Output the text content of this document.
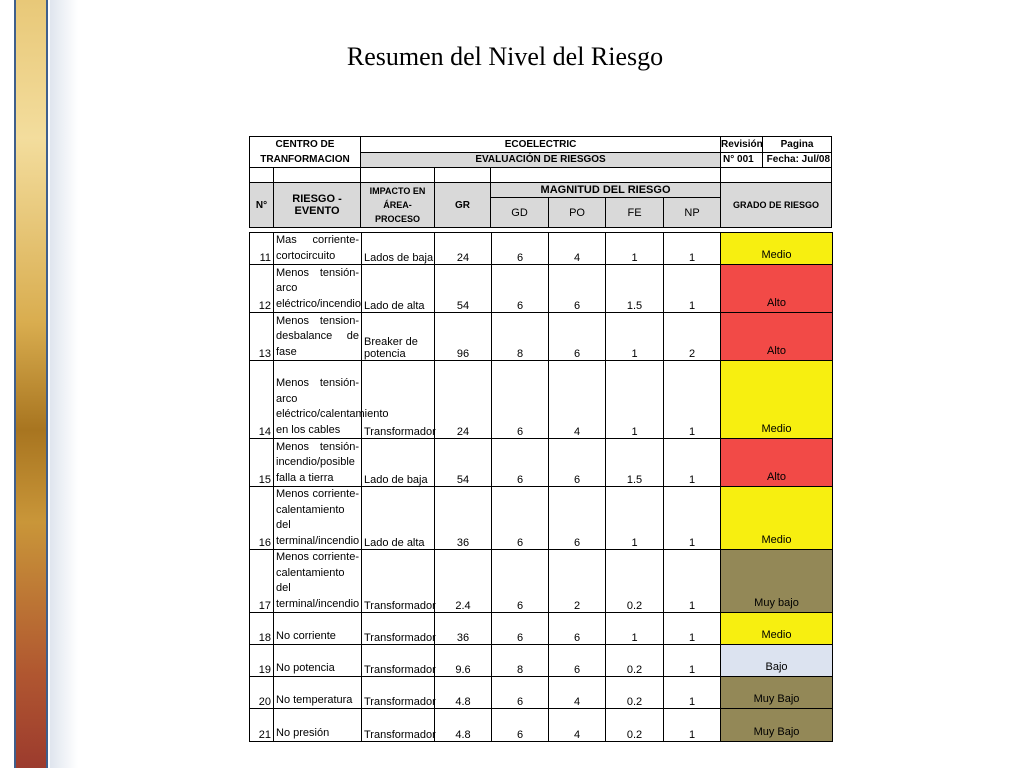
Resumen del Nivel del Riesgo
CENTRO DE TRANFORMACION		ECOELECTRIC						Revisión	Pagina
		EVALUACIÓN DE RIESGOS						N° 001	Fecha: Jul/08

N°	RIESGO - EVENTO	IMPACTO EN ÁREA- PROCESO	GR	MAGNITUD DEL RIESGO				GRADO DE RIESGO	
				GD	PO	FE	NP		
11	Mas corriente-cortocircuito	Lados de baja	24	6	4	1	1	Medio
12	Menos tensión-arco eléctrico/incendio	Lado de alta	54	6	6	1.5	1	Alto
13	Menos tension-desbalance de fase	Breaker de potencia	96	8	6	1	2	Alto
14	Menos tensión-arco eléctrico/calentamiento en los cables	Transformador	24	6	4	1	1	Medio
15	Menos tensión-incendio/posible falla a tierra	Lado de baja	54	6	6	1.5	1	Alto
16	Menos corriente-calentamiento del terminal/incendio	Lado de alta	36	6	6	1	1	Medio
17	Menos corriente-calentamiento del terminal/incendio	Transformador	2.4	6	2	0.2	1	Muy bajo
18	No corriente	Transformador	36	6	6	1	1	Medio
19	No potencia	Transformador	9.6	8	6	0.2	1	Bajo
20	No temperatura	Transformador	4.8	6	4	0.2	1	Muy Bajo
21	No presión	Transformador	4.8	6	4	0.2	1	Muy Bajo
